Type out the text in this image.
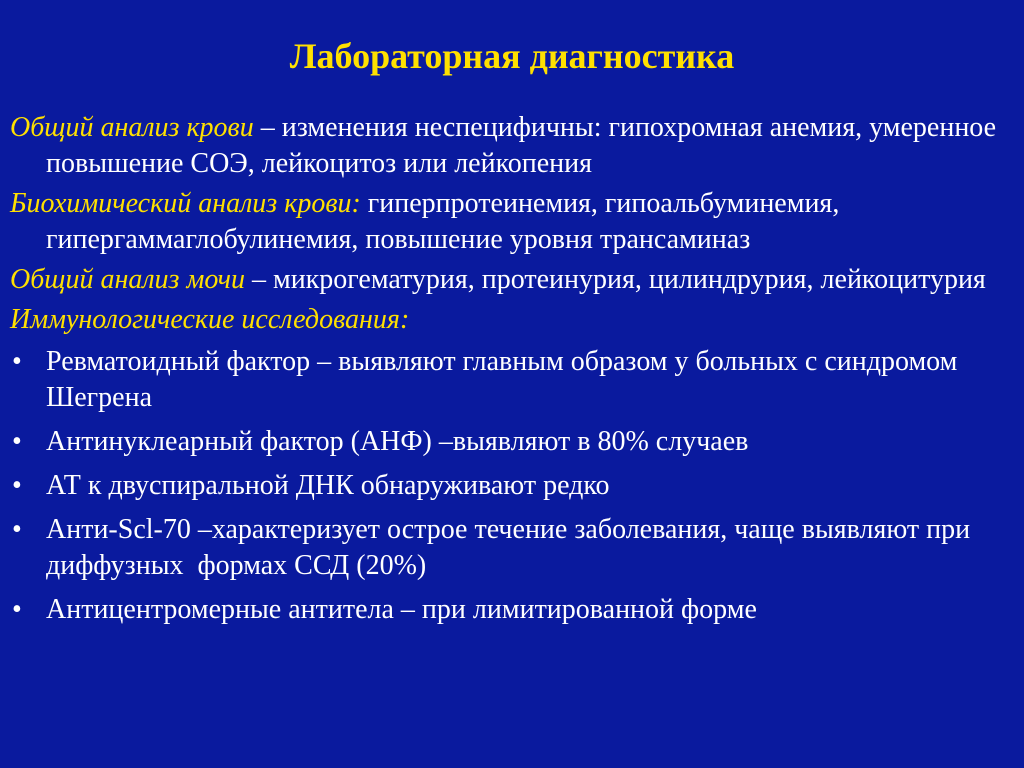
Лабораторная диагностика

Общий анализ крови – изменения неспецифичны: гипохромная анемия, умеренное повышение СОЭ, лейкоцитоз или лейкопения

Биохимический анализ крови: гиперпротеинемия, гипоальбуминемия, гипергаммаглобулинемия, повышение уровня трансаминаз

Общий анализ мочи – микрогематурия, протеинурия, цилиндрурия, лейкоцитурия

Иммунологические исследования:

• Ревматоидный фактор – выявляют главным образом у больных с синдромом Шегрена
• Антинуклеарный фактор (АНФ) –выявляют в 80% случаев
• АТ к двуспиральной ДНК обнаруживают редко
• Анти-Scl-70 –характеризует острое течение заболевания, чаще выявляют при диффузных  формах ССД (20%)
• Антицентромерные антитела – при лимитированной форме
